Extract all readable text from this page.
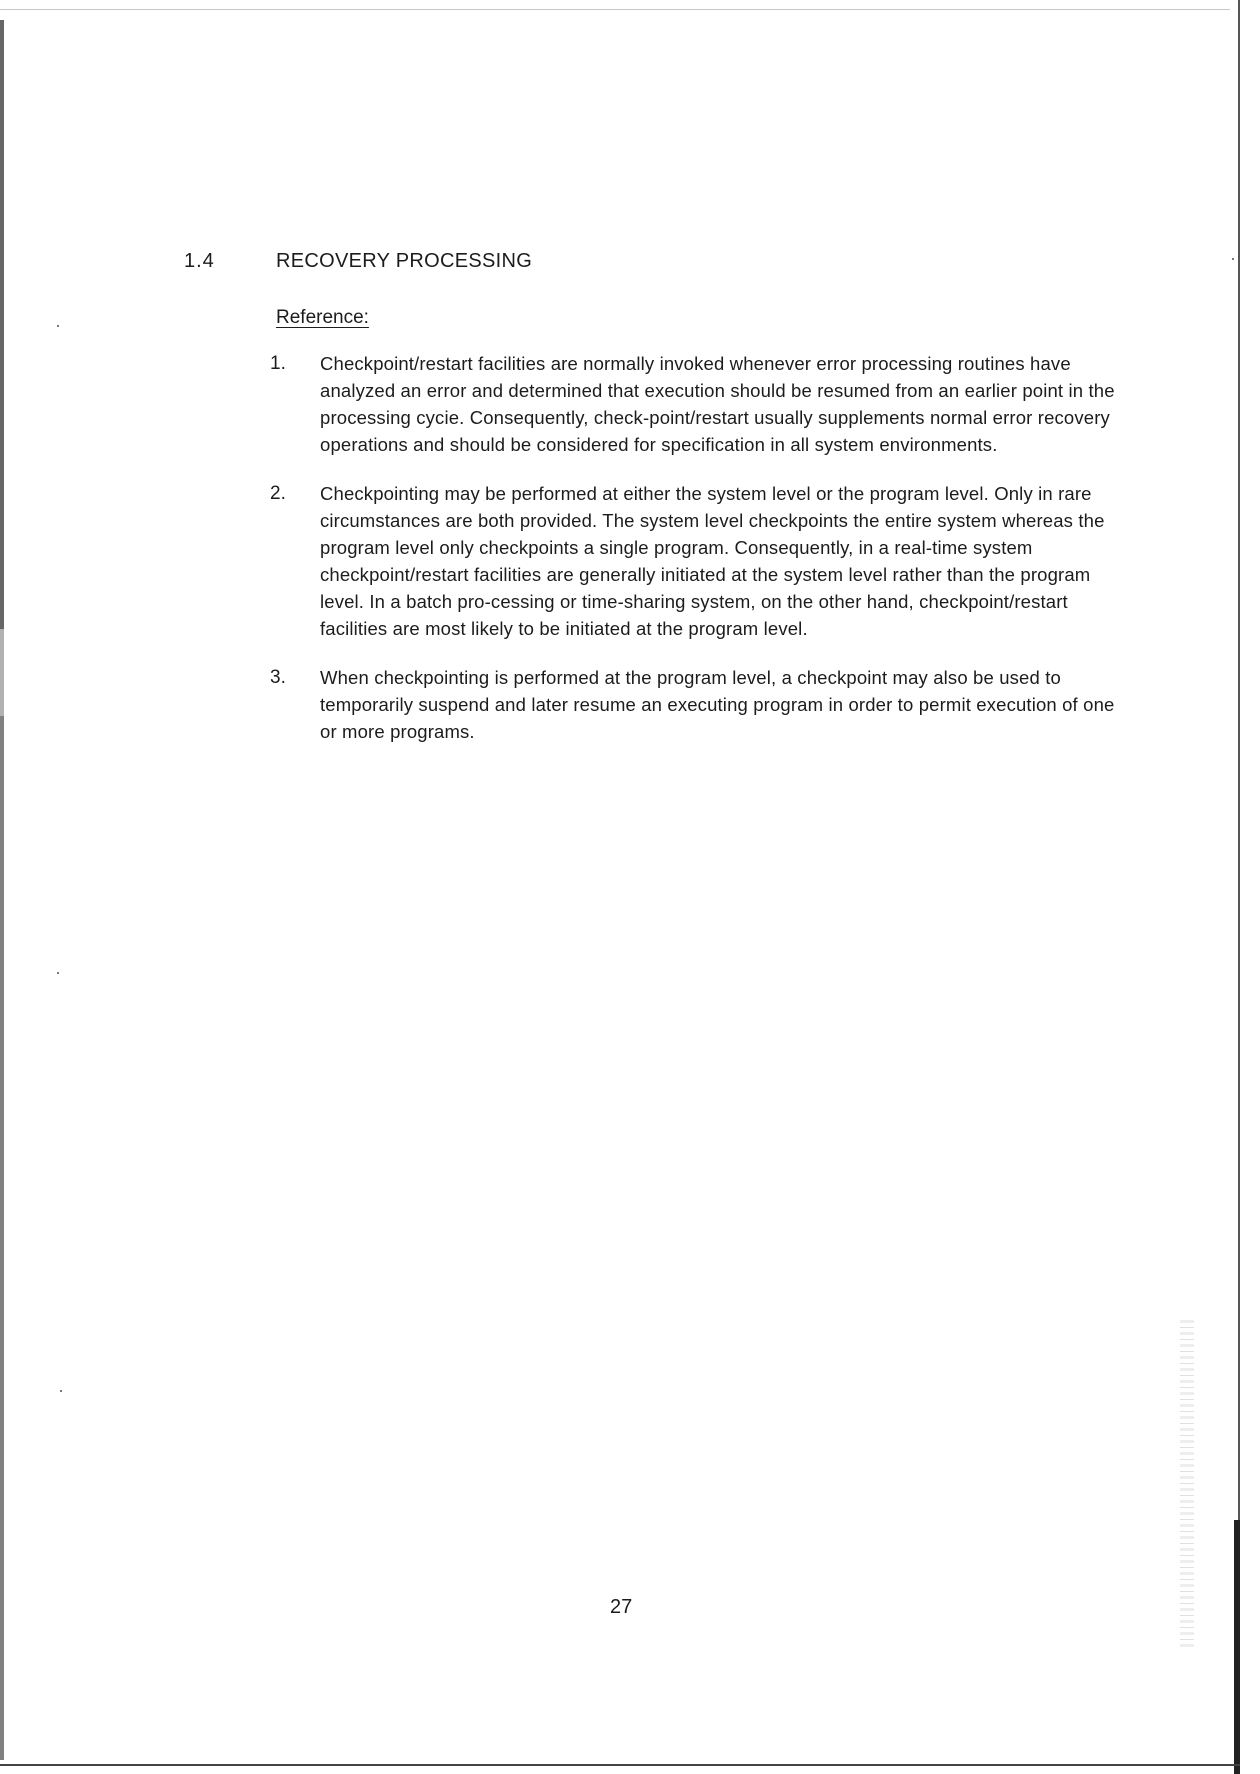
1.4	RECOVERY PROCESSING
Reference:
1.	Checkpoint/restart facilities are normally invoked whenever error processing routines have analyzed an error and determined that execution should be resumed from an earlier point in the processing cycie. Consequently, check-point/restart usually supplements normal error recovery operations and should be considered for specification in all system environments.

2.	Checkpointing may be performed at either the system level or the program level. Only in rare circumstances are both provided. The system level checkpoints the entire system whereas the program level only checkpoints a single program. Consequently, in a real-time system checkpoint/restart facilities are generally initiated at the system level rather than the program level. In a batch pro-cessing or time-sharing system, on the other hand, checkpoint/restart facilities are most likely to be initiated at the program level.

3.	When checkpointing is performed at the program level, a checkpoint may also be used to temporarily suspend and later resume an executing program in order to permit execution of one or more programs.

27
